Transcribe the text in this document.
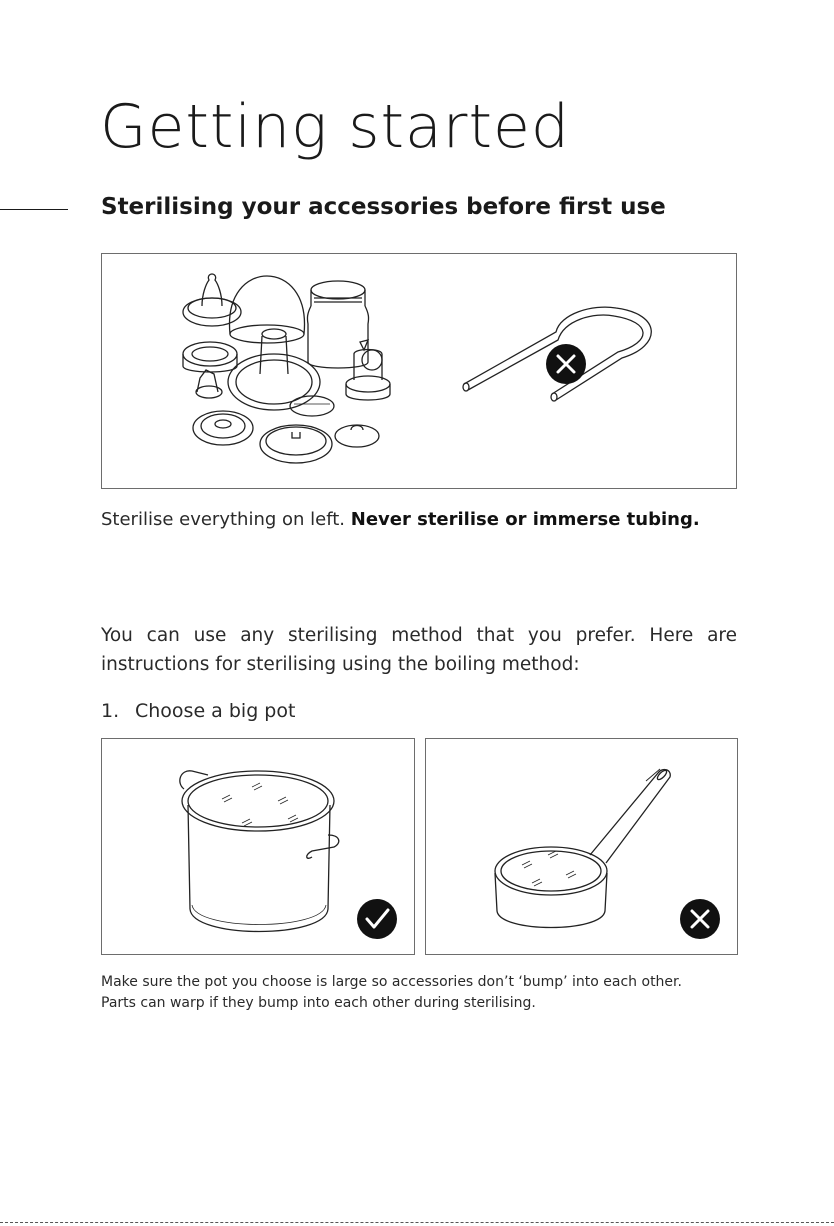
Getting started
Sterilising your accessories before first use
Sterilise everything on left. Never sterilise or immerse tubing.

You can use any sterilising method that you prefer. Here are instructions for sterilising using the boiling method:

1. Choose a big pot
Make sure the pot you choose is large so accessories don’t ‘bump’ into each other.
Parts can warp if they bump into each other during sterilising.
